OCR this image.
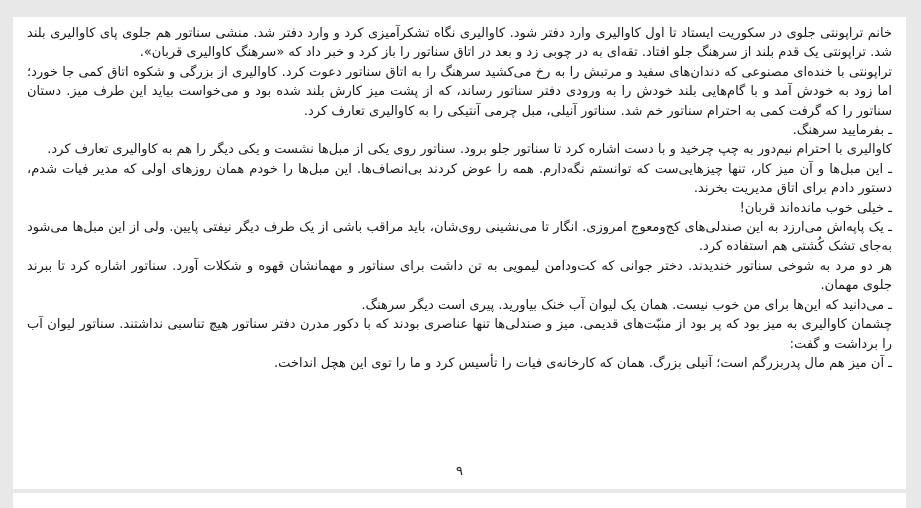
خانم تراپونتی جلوی در سکوریت ایستاد تا اول کاوالیری وارد دفتر شود. کاوالیری نگاه تشکرآمیزی کرد و وارد دفتر شد. منشی سناتور هم جلوی پای کاوالیری بلند شد. تراپونتی یک قدم بلند از سرهنگ جلو افتاد. تقه‌ای به در چوبی زد و بعد در اتاق سناتور را باز کرد و خبر داد که «سرهنگ کاوالیری قربان».

تراپونتی با خنده‌ای مصنوعی که دندان‌های سفید و مرتبش را به رخ می‌کشید سرهنگ را به اتاق سناتور دعوت کرد. کاوالیری از بزرگی و شکوه اتاق کمی جا خورد؛ اما زود به خودش آمد و با گام‌هایی بلند خودش را به ورودی دفتر سناتور رساند، که از پشت میز کارش بلند شده بود و می‌خواست بیاید این طرف میز. دستان سناتور را که گرفت کمی به احترام سناتور خم شد. سناتور آنیلی، مبل چرمی آنتیکی را به کاوالیری تعارف کرد.

ـ بفرمایید سرهنگ.

کاوالیری با احترام نیم‌دور به چپ چرخید و با دست اشاره کرد تا سناتور جلو برود. سناتور روی یکی از مبل‌ها نشست و یکی دیگر را هم به کاوالیری تعارف کرد.

ـ این مبل‌ها و آن میز کار، تنها چیزهایی‌ست که توانستم نگه‌دارم. همه را عوض کردند بی‌انصاف‌ها. این مبل‌ها را خودم همان روزهای اولی که مدیر فیات شدم، دستور دادم برای اتاق مدیریت بخرند.

ـ خیلی خوب مانده‌اند قربان!

ـ یک پاپه‌اش می‌ارزد به این صندلی‌های کج‌ومعوج امروزی. انگار تا می‌نشینی روی‌شان، باید مراقب باشی از یک طرف دیگر نیفتی پایین. ولی از این مبل‌ها می‌شود به‌جای تشک کُشتی هم استفاده کرد.

هر دو مرد به شوخی سناتور خندیدند. دختر جوانی که کت‌ودامن لیمویی به تن داشت برای سناتور و مهمانشان قهوه و شکلات آورد. سناتور اشاره کرد تا ببرند جلوی مهمان.

ـ می‌دانید که این‌ها برای من خوب نیست. همان یک لیوان آب خنک بیاورید. پیری است دیگر سرهنگ.

چشمان کاوالیری به میز بود که پر بود از منبّت‌های قدیمی. میز و صندلی‌ها تنها عناصری بودند که با دکور مدرن دفتر سناتور هیچ تناسبی نداشتند. سناتور لیوان آب را برداشت و گفت:

ـ آن میز هم مال پدربزرگم است؛ آنیلی بزرگ. همان که کارخانه‌ی فیات را تأسیس کرد و ما را توی این هچل انداخت.

۹
